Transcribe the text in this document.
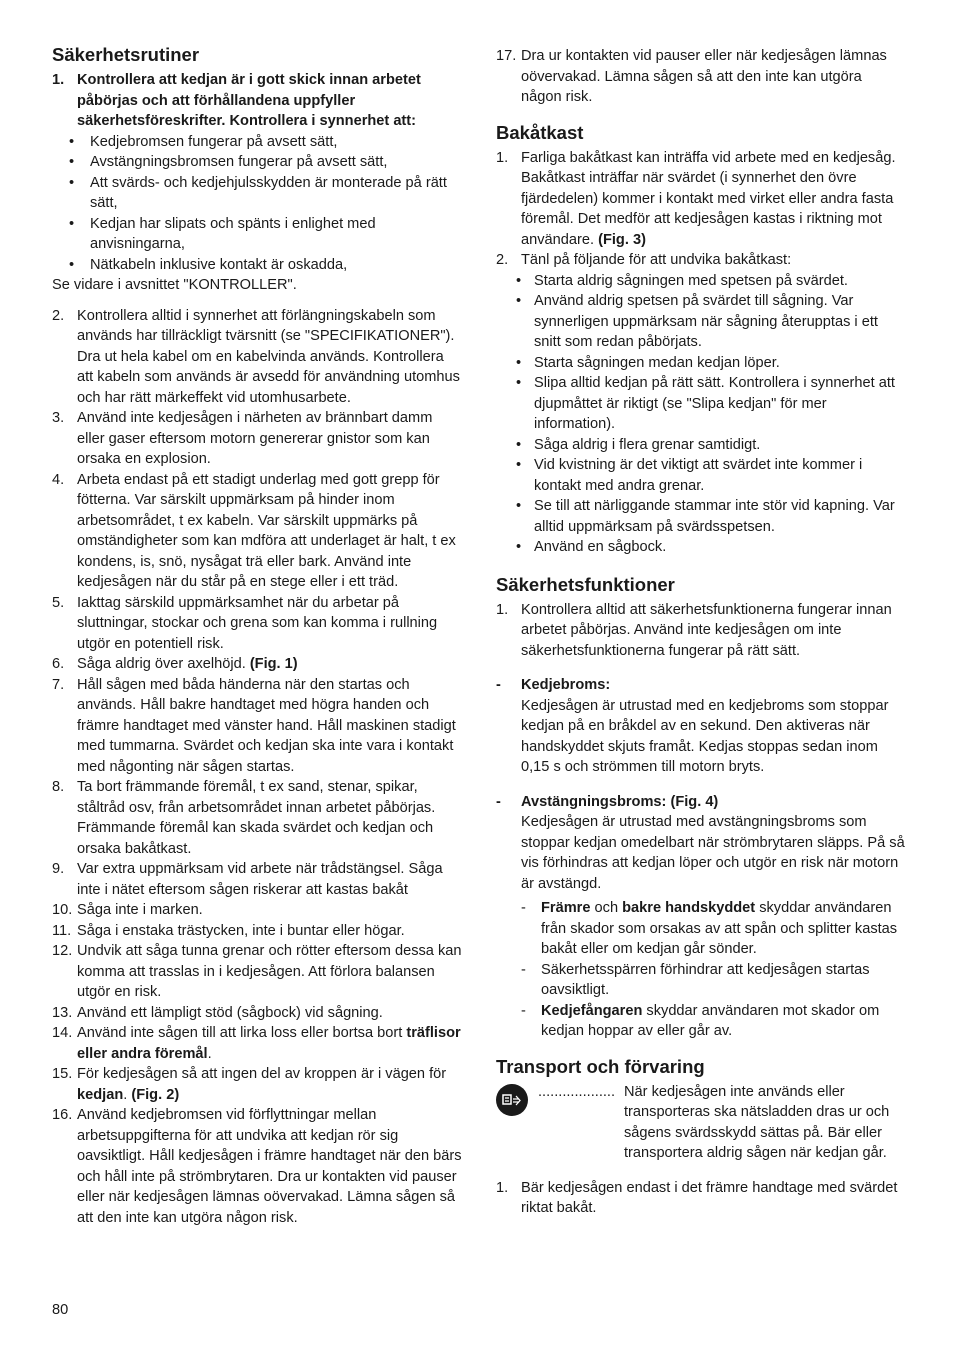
Säkerhetsrutiner
1. Kontrollera att kedjan är i gott skick innan arbetet påbörjas och att förhållandena uppfyller säkerhetsföreskrifter. Kontrollera i synnerhet att:
•	Kedjebromsen fungerar på avsett sätt,
•	Avstängningsbromsen fungerar på avsett sätt,
•	Att svärds- och kedjehjulsskydden är monterade på rätt sätt,
•	Kedjan har slipats och spänts i enlighet med anvisningarna,
•	Nätkabeln inklusive kontakt är oskadda,
Se vidare i avsnittet "KONTROLLER".
2. Kontrollera alltid i synnerhet att förlängningskabeln som används har tillräckligt tvärsnitt (se "SPECIFIKATIONER"). Dra ut hela kabel om en kabelvinda används. Kontrollera att kabeln som används är avsedd för användning utomhus och har rätt märkeffekt vid utomhusarbete.
3. Använd inte kedjesågen i närheten av brännbart damm eller gaser eftersom motorn genererar gnistor som kan orsaka en explosion.
4. Arbeta endast på ett stadigt underlag med gott grepp för fötterna. Var särskilt uppmärksam på hinder inom arbetsområdet, t ex kabeln. Var särskilt uppmärks på omständigheter som kan mdföra att underlaget är halt, t ex kondens, is, snö, nysågat trä eller bark. Använd inte kedjesågen när du står på en stege eller i ett träd.
5. Iakttag särskild uppmärksamhet när du arbetar på sluttningar, stockar och grena som kan komma i rullning utgör en potentiell risk.
6. Såga aldrig över axelhöjd. (Fig. 1)
7. Håll sågen med båda händerna när den startas och används. Håll bakre handtaget med högra handen och främre handtaget med vänster hand. Håll maskinen stadigt med tummarna. Svärdet och kedjan ska inte vara i kontakt med någonting när sågen startas.
8. Ta bort främmande föremål, t ex sand, stenar, spikar, ståltråd osv, från arbetsområdet innan arbetet påbörjas. Främmande föremål kan skada svärdet och kedjan och orsaka bakåtkast.
9. Var extra uppmärksam vid arbete när trådstängsel. Såga inte i nätet eftersom sågen riskerar att kastas bakåt
10. Såga inte i marken.
11. Såga i enstaka trästycken, inte i buntar eller högar.
12. Undvik att såga tunna grenar och rötter eftersom dessa kan komma att trasslas in i kedjesågen. Att förlora balansen utgör en risk.
13. Använd ett lämpligt stöd (sågbock) vid sågning.
14. Använd inte sågen till att lirka loss eller bortsa bort träflisor eller andra föremål.
15. För kedjesågen så att ingen del av kroppen är i vägen för kedjan. (Fig. 2)
16. Använd kedjebromsen vid förflyttningar mellan arbetsuppgifterna för att undvika att kedjan rör sig oavsiktligt. Håll kedjesågen i främre handtaget när den bärs och håll inte på strömbrytaren. Dra ur kontakten vid pauser eller när kedjesågen lämnas oövervakad. Lämna sågen så att den inte kan utgöra någon risk.
17. Dra ur kontakten vid pauser eller när kedjesågen lämnas oövervakad. Lämna sågen så att den inte kan utgöra någon risk.
Bakåtkast
1. Farliga bakåtkast kan inträffa vid arbete med en kedjesåg. Bakåtkast inträffar när svärdet (i synnerhet den övre fjärdedelen) kommer i kontakt med virket eller andra fasta föremål. Det medför att kedjesågen kastas i riktning mot användare. (Fig. 3)
2. Tänl på följande för att undvika bakåtkast:
• Starta aldrig sågningen med spetsen på svärdet.
• Använd aldrig spetsen på svärdet till sågning. Var synnerligen uppmärksam när sågning återupptas i ett snitt som redan påbörjats.
• Starta sågningen medan kedjan löper.
• Slipa alltid kedjan på rätt sätt. Kontrollera i synnerhet att djupmåttet är riktigt (se "Slipa kedjan" för mer information).
• Såga aldrig i flera grenar samtidigt.
• Vid kvistning är det viktigt att svärdet inte kommer i kontakt med andra grenar.
• Se till att närliggande stammar inte stör vid kapning. Var alltid uppmärksam på svärdsspetsen.
• Använd en sågbock.
Säkerhetsfunktioner
1. Kontrollera alltid att säkerhetsfunktionerna fungerar innan arbetet påbörjas. Använd inte kedjesågen om inte säkerhetsfunktionerna fungerar på rätt sätt.
-	Kedjebroms:
Kedjesågen är utrustad med en kedjebroms som stoppar kedjan på en bråkdel av en sekund. Den aktiveras när handskyddet skjuts framåt. Kedjas stoppas sedan inom 0,15 s och strömmen till motorn bryts.
-	Avstängningsbroms: (Fig. 4)
Kedjesågen är utrustad med avstängningsbroms som stoppar kedjan omedelbart när strömbrytaren släpps. På så vis förhindras att kedjan löper och utgör en risk när motorn är avstängd.
-	Främre och bakre handskyddet skyddar användaren från skador som orsakas av att spån och splitter kastas bakåt eller om kedjan går sönder.
-	Säkerhetsspärren förhindrar att kedjesågen startas oavsiktligt.
-	Kedjefångaren skyddar användaren mot skador om kedjan hoppar av eller går av.
Transport och förvaring
................... När kedjesågen inte används eller transporteras ska nätsladden dras ur och sågens svärdsskydd sättas på. Bär eller transportera aldrig sågen när kedjan går.
1. Bär kedjesågen endast i det främre handtage med svärdet riktat bakåt.
80
